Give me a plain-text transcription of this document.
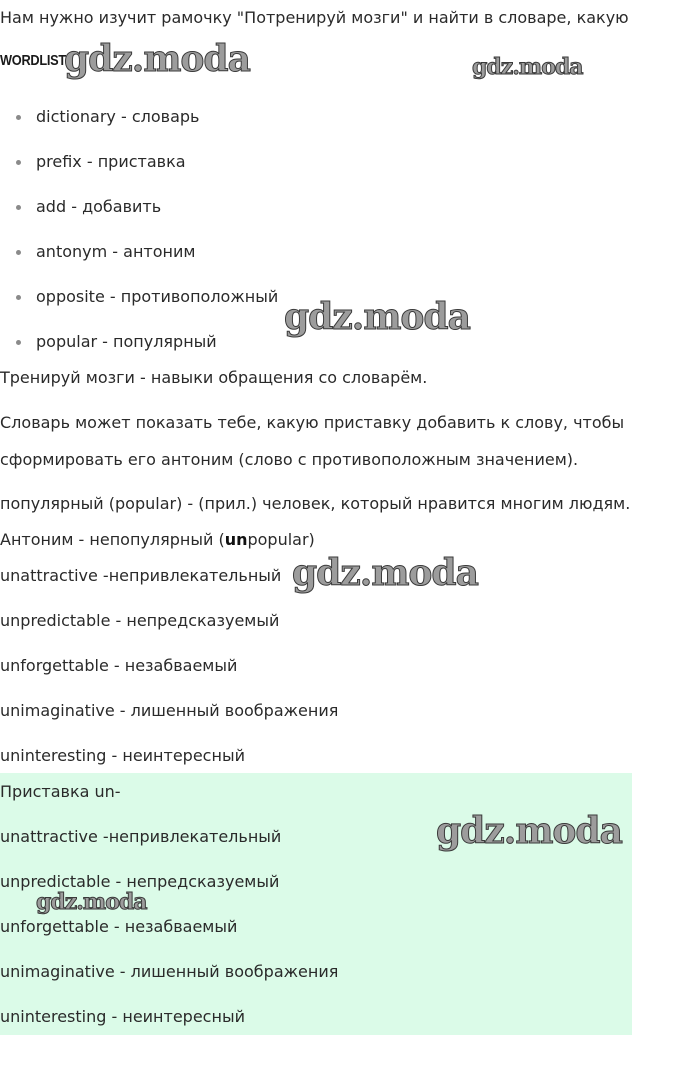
Нам нужно изучит рамочку "Потренируй мозги" и найти в словаре, какую
WORDLIST
dictionary - словарь
prefix - приставка
add - добавить
antonym - антоним
opposite - противоположный
popular - популярный
Тренируй мозги - навыки обращения со словарём.
Словарь может показать тебе, какую приставку добавить к слову, чтобы
сформировать его антоним (слово с противоположным значением).
популярный (popular) - (прил.) человек, который нравится многим людям.
Антоним - непопулярный (unpopular)
unattractive -непривлекательный
unpredictable - непредсказуемый
unforgettable - незабваемый
unimaginative - лишенный воображения
uninteresting - неинтересный
Приставка un-
unattractive -непривлекательный
unpredictable - непредсказуемый
unforgettable - незабваемый
unimaginative - лишенный воображения
uninteresting - неинтересный
gdz.moda	gdz.moda
gdz.moda
gdz.moda
gdz.moda
gdz.moda
